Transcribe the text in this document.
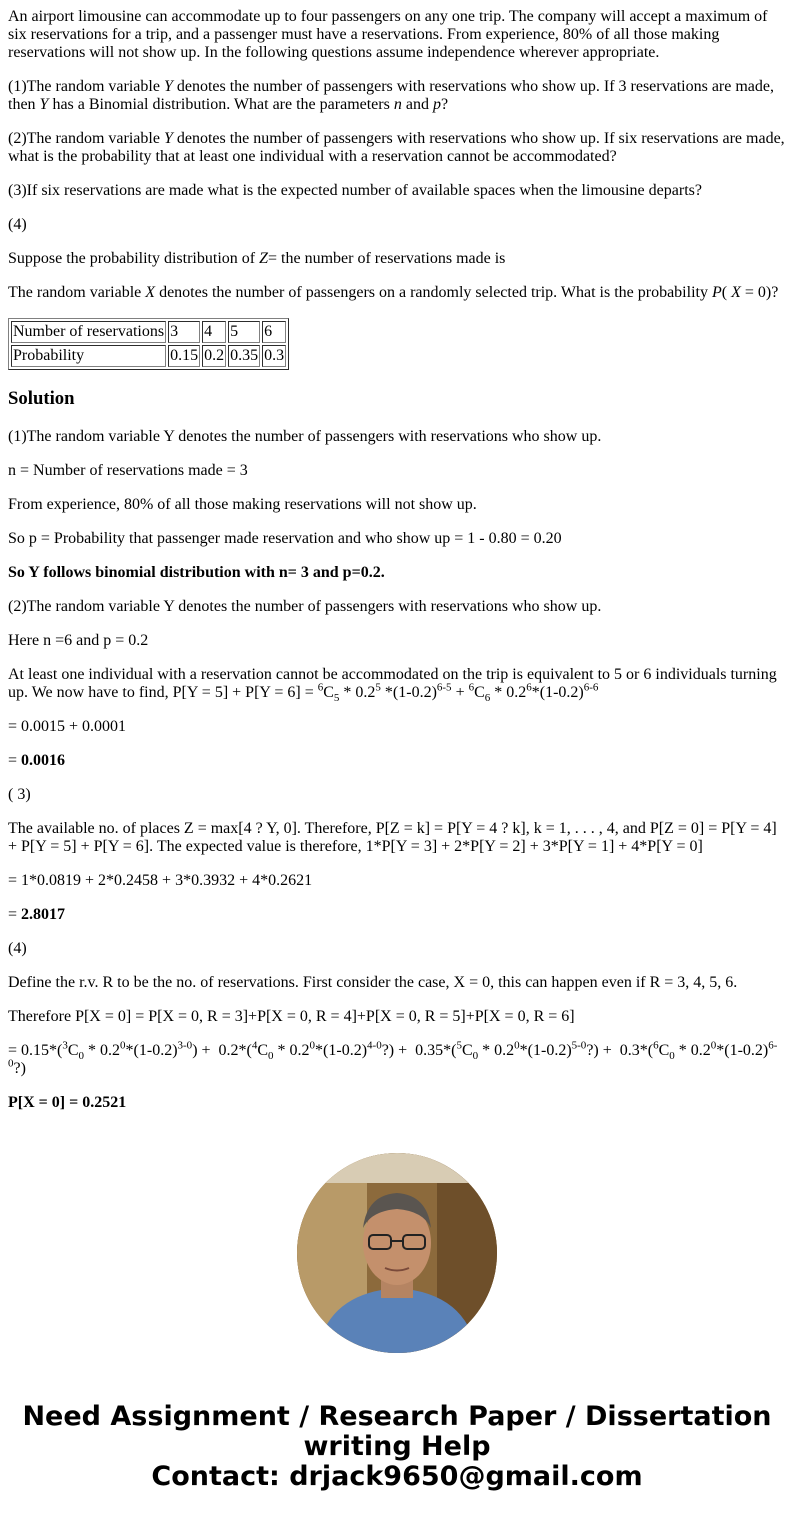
An airport limousine can accommodate up to four passengers on any one trip. The company will accept a maximum of six reservations for a trip, and a passenger must have a reservations. From experience, 80% of all those making reservations will not show up. In the following questions assume independence wherever appropriate.

(1)The random variable Y denotes the number of passengers with reservations who show up. If 3 reservations are made, then Y has a Binomial distribution. What are the parameters n and p?

(2)The random variable Y denotes the number of passengers with reservations who show up. If six reservations are made, what is the probability that at least one individual with a reservation cannot be accommodated?

(3)If six reservations are made what is the expected number of available spaces when the limousine departs?

(4)

Suppose the probability distribution of Z= the number of reservations made is

The random variable X denotes the number of passengers on a randomly selected trip. What is the probability P( X = 0)?

Number of reservations	3	4	5	6
Probability	0.15	0.2	0.35	0.3
Solution

(1)The random variable Y denotes the number of passengers with reservations who show up.

n = Number of reservations made = 3

From experience, 80% of all those making reservations will not show up.

So p = Probability that passenger made reservation and who show up = 1 - 0.80 = 0.20

So Y follows binomial distribution with n= 3 and p=0.2.

(2)The random variable Y denotes the number of passengers with reservations who show up.

Here n =6 and p = 0.2

At least one individual with a reservation cannot be accommodated on the trip is equivalent to 5 or 6 individuals turning up. We now have to find, $P[Y = 5] + P[Y = 6] = ^6C_5 * 0.2^5$ $*(1-0.2)^{6-5} + ^6C_6 * 0.2^6*(1-0.2)^{6-6}$

= 0.0015 + 0.0001

= 0.0016

( 3)

The available no. of places Z = max[4 ? Y, 0]. Therefore, P[Z = k] = P[Y = 4 ? k], k = 1, . . . , 4, and P[Z = 0] = P[Y = 4] + P[Y = 5] + P[Y = 6]. The expected value is therefore, 1*P[Y = 3] + 2*P[Y = 2] + 3*P[Y = 1] + 4*P[Y = 0]

= 1*0.0819 + 2*0.2458 + 3*0.3932 + 4*0.2621

= 2.8017

(4)

Define the r.v. R to be the no. of reservations. First consider the case, X = 0, this can happen even if R = 3, 4, 5, 6.

Therefore P[X = 0] = P[X = 0, R = 3]+P[X = 0, R = 4]+P[X = 0, R = 5]+P[X = 0, R = 6]

= $0.15*(^3C_0 * 0.2^0*(1-0.2)^{3-0}) + 0.2*(^4C_0$ * $0.2^0*(1-0.2)^{4-0}?) + 0.35*(^5C_0$ * $0.2^0*(1-0.2)^{5-0}?) + 0.3*(^6C_0$ * $0.2^0*(1-0.2)^{6-0}$?)

P[X = 0] = 0.2521

Need Assignment / Research Paper / Dissertation
writing Help
Contact: drjack9650@gmail.com
